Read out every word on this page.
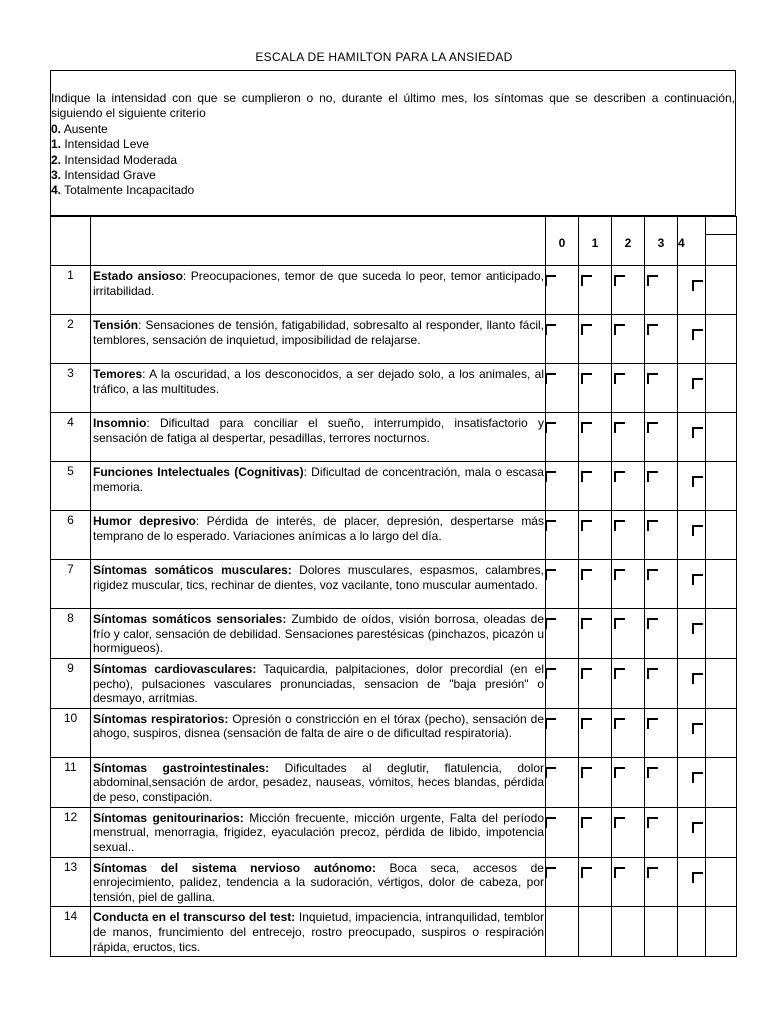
ESCALA DE HAMILTON PARA LA ANSIEDAD
Indique la intensidad con que se cumplieron o no, durante el último mes, los síntomas que se describen a continuación, siguiendo el siguiente criterio
0. Ausente
1. Intensidad Leve
2. Intensidad Moderada
3. Intensidad Grave
4. Totalmente Incapacitado

		0	1	2	3	4	

1	Estado ansioso: Preocupaciones, temor de que suceda lo peor, temor anticipado, irritabilidad.						

2	Tensión: Sensaciones de tensión, fatigabilidad, sobresalto al responder, llanto fácil, temblores, sensación de inquietud, imposibilidad de relajarse.						

3	Temores: A la oscuridad, a los desconocidos, a ser dejado solo, a los animales, al tráfico, a las multitudes.						

4	Insomnio: Dificultad para conciliar el sueño, interrumpido, insatisfactorio y sensación de fatiga al despertar, pesadillas, terrores nocturnos.						

5	Funciones Intelectuales (Cognitivas): Dificultad de concentración, mala o escasa memoria.						

6	Humor depresivo: Pérdida de interés, de placer, depresión, despertarse más temprano de lo esperado. Variaciones anímicas a lo largo del día.						

7	Síntomas somáticos musculares: Dolores musculares, espasmos, calambres, rigidez muscular, tics, rechinar de dientes, voz vacilante, tono muscular aumentado.						

8	Síntomas somáticos sensoriales: Zumbido de oídos, visión borrosa, oleadas de frío y calor, sensación de debilidad. Sensaciones parestésicas (pinchazos, picazón u hormigueos).						

9	Síntomas cardiovasculares: Taquicardia, palpitaciones, dolor precordial (en el pecho), pulsaciones vasculares pronunciadas, sensacion de "baja presión" o desmayo, arritmias.						

10	Síntomas respiratorios: Opresión o constricción en el tórax (pecho), sensación de ahogo, suspiros, disnea (sensación de falta de aire o de dificultad respiratoria).						

11	Síntomas gastrointestinales: Dificultades al deglutir, flatulencia, dolor abdominal,sensación de ardor, pesadez, nauseas, vómitos, heces blandas, pérdida de peso, constipación.						

12	Síntomas genitourinarios: Micción frecuente, micción urgente, Falta del período menstrual, menorragia, frigidez, eyaculación precoz, pérdida de libido, impotencia sexual..						

13	Síntomas del sistema nervioso autónomo: Boca seca, accesos de enrojecimiento, palidez, tendencia a la sudoración, vértigos, dolor de cabeza, por tensión, piel de gallina.						

14	Conducta en el transcurso del test: Inquietud, impaciencia, intranquilidad, temblor de manos, fruncimiento del entrecejo, rostro preocupado, suspiros o respiración rápida, eructos, tics.						
